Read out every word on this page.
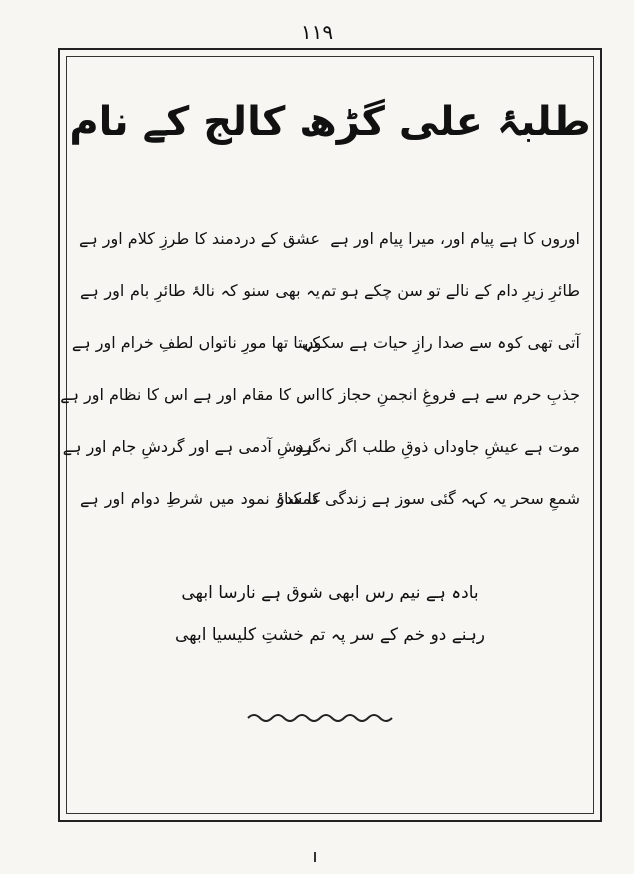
۱۱۹
طلبۂ علی گڑھ کالج کے نام
اوروں کا ہے پیام اور، میرا پیام اور ہے
عشق کے دردمند کا طرزِ کلام اور ہے
طائرِ زیرِ دام کے نالے تو سن چکے ہو تم
یہ بھی سنو کہ نالۂ طائرِ بام اور ہے
آتی تھی کوہ سے صدا رازِ حیات ہے سکوں
کہتا تھا مورِ ناتواں لطفِ خرام اور ہے
جذبِ حرم سے ہے فروغِ انجمنِ حجاز کا
اس کا مقام اور ہے اس کا نظام اور ہے
موت ہے عیشِ جاوداں ذوقِ طلب اگر نہ ہو
گردشِ آدمی ہے اور گردشِ جام اور ہے
شمعِ سحر یہ کہہ گئی سوز ہے زندگی کا ساز
غمکدۂ نمود میں شرطِ دوام اور ہے
بادہ ہے نیم رس ابھی شوق ہے نارسا ابھی
رہنے دو خم کے سر پہ تم خشتِ کلیسیا ابھی
